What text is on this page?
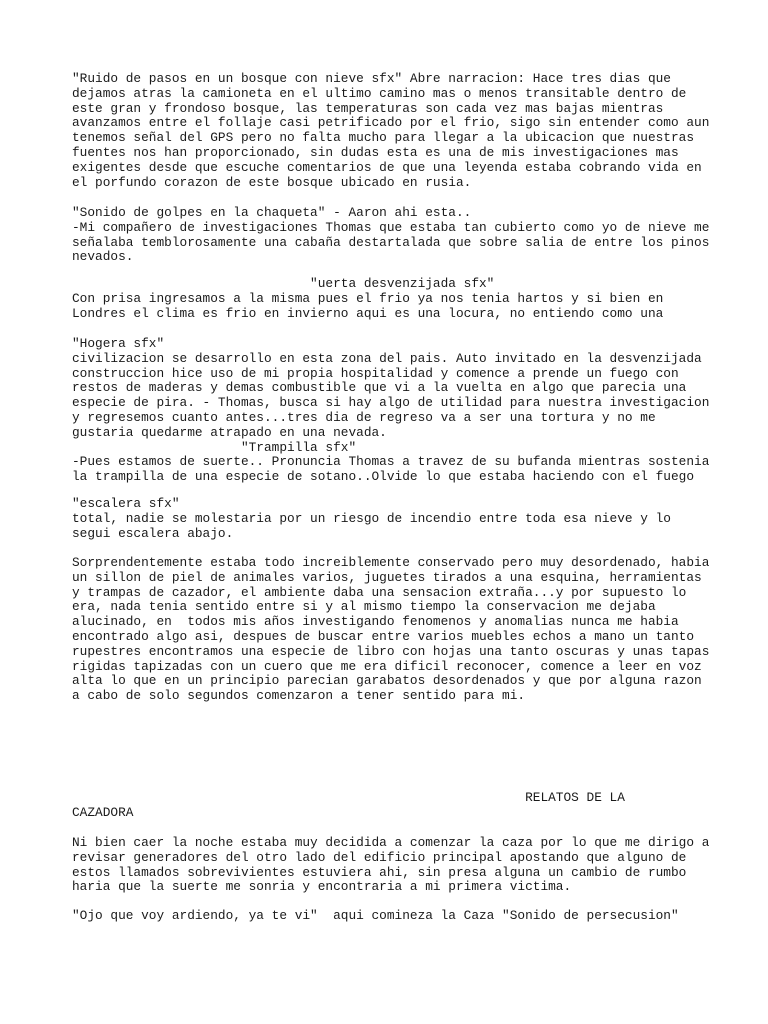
"Ruido de pasos en un bosque con nieve sfx" Abre narracion: Hace tres dias que
dejamos atras la camioneta en el ultimo camino mas o menos transitable dentro de
este gran y frondoso bosque, las temperaturas son cada vez mas bajas mientras
avanzamos entre el follaje casi petrificado por el frio, sigo sin entender como aun
tenemos señal del GPS pero no falta mucho para llegar a la ubicacion que nuestras
fuentes nos han proporcionado, sin dudas esta es una de mis investigaciones mas
exigentes desde que escuche comentarios de que una leyenda estaba cobrando vida en
el porfundo corazon de este bosque ubicado en rusia.

"Sonido de golpes en la chaqueta" - Aaron ahi esta..
-Mi compañero de investigaciones Thomas que estaba tan cubierto como yo de nieve me
señalaba temblorosamente una cabaña destartalada que sobre salia de entre los pinos
nevados.

"uerta desvenzijada sfx"
Con prisa ingresamos a la misma pues el frio ya nos tenia hartos y si bien en
Londres el clima es frio en invierno aqui es una locura, no entiendo como una

"Hogera sfx"
civilizacion se desarrollo en esta zona del pais. Auto invitado en la desvenzijada
construccion hice uso de mi propia hospitalidad y comence a prende un fuego con
restos de maderas y demas combustible que vi a la vuelta en algo que parecia una
especie de pira. - Thomas, busca si hay algo de utilidad para nuestra investigacion
y regresemos cuanto antes...tres dia de regreso va a ser una tortura y no me
gustaria quedarme atrapado en una nevada.
"Trampilla sfx"
-Pues estamos de suerte.. Pronuncia Thomas a travez de su bufanda mientras sostenia
la trampilla de una especie de sotano..Olvide lo que estaba haciendo con el fuego

"escalera sfx"
total, nadie se molestaria por un riesgo de incendio entre toda esa nieve y lo
segui escalera abajo.

Sorprendentemente estaba todo increiblemente conservado pero muy desordenado, habia
un sillon de piel de animales varios, juguetes tirados a una esquina, herramientas
y trampas de cazador, el ambiente daba una sensacion extraña...y por supuesto lo
era, nada tenia sentido entre si y al mismo tiempo la conservacion me dejaba
alucinado, en  todos mis años investigando fenomenos y anomalias nunca me habia
encontrado algo asi, despues de buscar entre varios muebles echos a mano un tanto
rupestres encontramos una especie de libro con hojas una tanto oscuras y unas tapas
rigidas tapizadas con un cuero que me era dificil reconocer, comence a leer en voz
alta lo que en un principio parecian garabatos desordenados y que por alguna razon
a cabo de solo segundos comenzaron a tener sentido para mi.

RELATOS DE LA
CAZADORA

Ni bien caer la noche estaba muy decidida a comenzar la caza por lo que me dirigo a
revisar generadores del otro lado del edificio principal apostando que alguno de
estos llamados sobrevivientes estuviera ahi, sin presa alguna un cambio de rumbo
haria que la suerte me sonria y encontraria a mi primera victima.

"Ojo que voy ardiendo, ya te vi"  aqui comineza la Caza "Sonido de persecusion"
